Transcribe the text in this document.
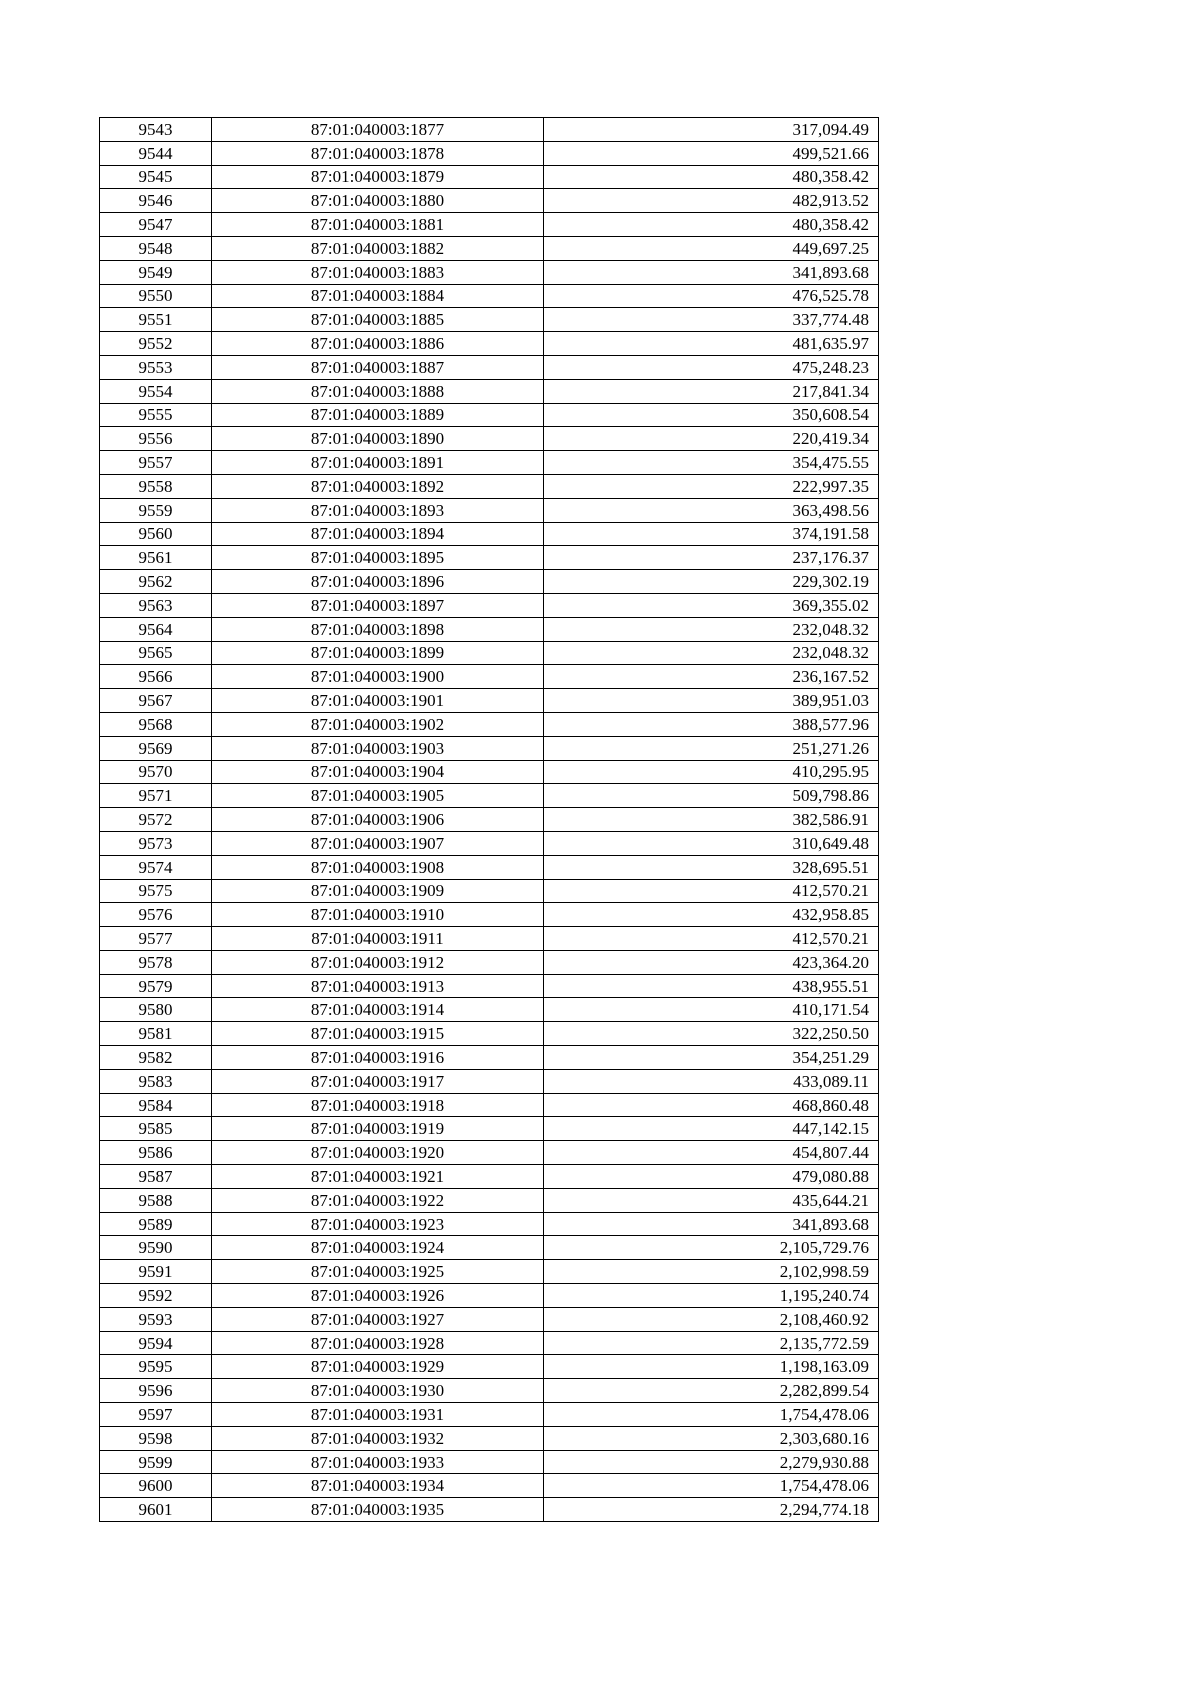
9543	87:01:040003:1877	317,094.49
9544	87:01:040003:1878	499,521.66
9545	87:01:040003:1879	480,358.42
9546	87:01:040003:1880	482,913.52
9547	87:01:040003:1881	480,358.42
9548	87:01:040003:1882	449,697.25
9549	87:01:040003:1883	341,893.68
9550	87:01:040003:1884	476,525.78
9551	87:01:040003:1885	337,774.48
9552	87:01:040003:1886	481,635.97
9553	87:01:040003:1887	475,248.23
9554	87:01:040003:1888	217,841.34
9555	87:01:040003:1889	350,608.54
9556	87:01:040003:1890	220,419.34
9557	87:01:040003:1891	354,475.55
9558	87:01:040003:1892	222,997.35
9559	87:01:040003:1893	363,498.56
9560	87:01:040003:1894	374,191.58
9561	87:01:040003:1895	237,176.37
9562	87:01:040003:1896	229,302.19
9563	87:01:040003:1897	369,355.02
9564	87:01:040003:1898	232,048.32
9565	87:01:040003:1899	232,048.32
9566	87:01:040003:1900	236,167.52
9567	87:01:040003:1901	389,951.03
9568	87:01:040003:1902	388,577.96
9569	87:01:040003:1903	251,271.26
9570	87:01:040003:1904	410,295.95
9571	87:01:040003:1905	509,798.86
9572	87:01:040003:1906	382,586.91
9573	87:01:040003:1907	310,649.48
9574	87:01:040003:1908	328,695.51
9575	87:01:040003:1909	412,570.21
9576	87:01:040003:1910	432,958.85
9577	87:01:040003:1911	412,570.21
9578	87:01:040003:1912	423,364.20
9579	87:01:040003:1913	438,955.51
9580	87:01:040003:1914	410,171.54
9581	87:01:040003:1915	322,250.50
9582	87:01:040003:1916	354,251.29
9583	87:01:040003:1917	433,089.11
9584	87:01:040003:1918	468,860.48
9585	87:01:040003:1919	447,142.15
9586	87:01:040003:1920	454,807.44
9587	87:01:040003:1921	479,080.88
9588	87:01:040003:1922	435,644.21
9589	87:01:040003:1923	341,893.68
9590	87:01:040003:1924	2,105,729.76
9591	87:01:040003:1925	2,102,998.59
9592	87:01:040003:1926	1,195,240.74
9593	87:01:040003:1927	2,108,460.92
9594	87:01:040003:1928	2,135,772.59
9595	87:01:040003:1929	1,198,163.09
9596	87:01:040003:1930	2,282,899.54
9597	87:01:040003:1931	1,754,478.06
9598	87:01:040003:1932	2,303,680.16
9599	87:01:040003:1933	2,279,930.88
9600	87:01:040003:1934	1,754,478.06
9601	87:01:040003:1935	2,294,774.18
